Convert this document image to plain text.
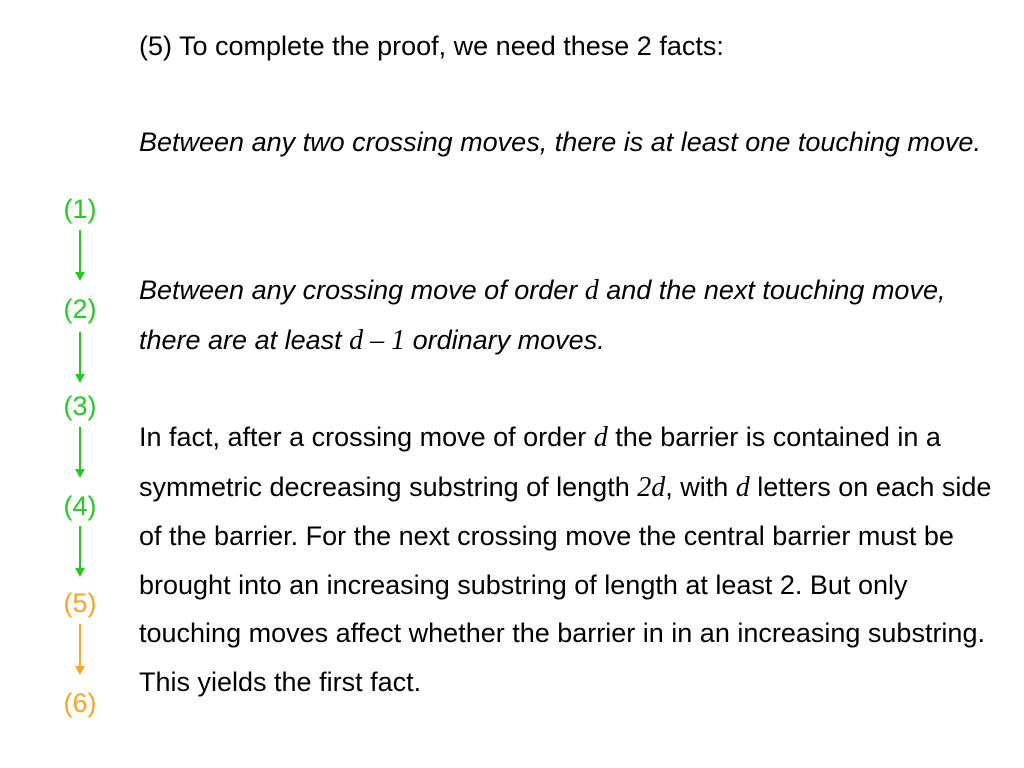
(1)
(2)
(3)
(4)
(5)
(6)

(5) To complete the proof, we need these 2 facts:

Between any two crossing moves, there is at least one touching move.

Between any crossing move of order d and the next touching move, there are at least d – 1 ordinary moves.

In fact, after a crossing move of order d the barrier is contained in a symmetric decreasing substring of length 2d, with d letters on each side of the barrier. For the next crossing move the central barrier must be brought into an increasing substring of length at least 2. But only touching moves affect whether the barrier in in an increasing substring. This yields the first fact.
